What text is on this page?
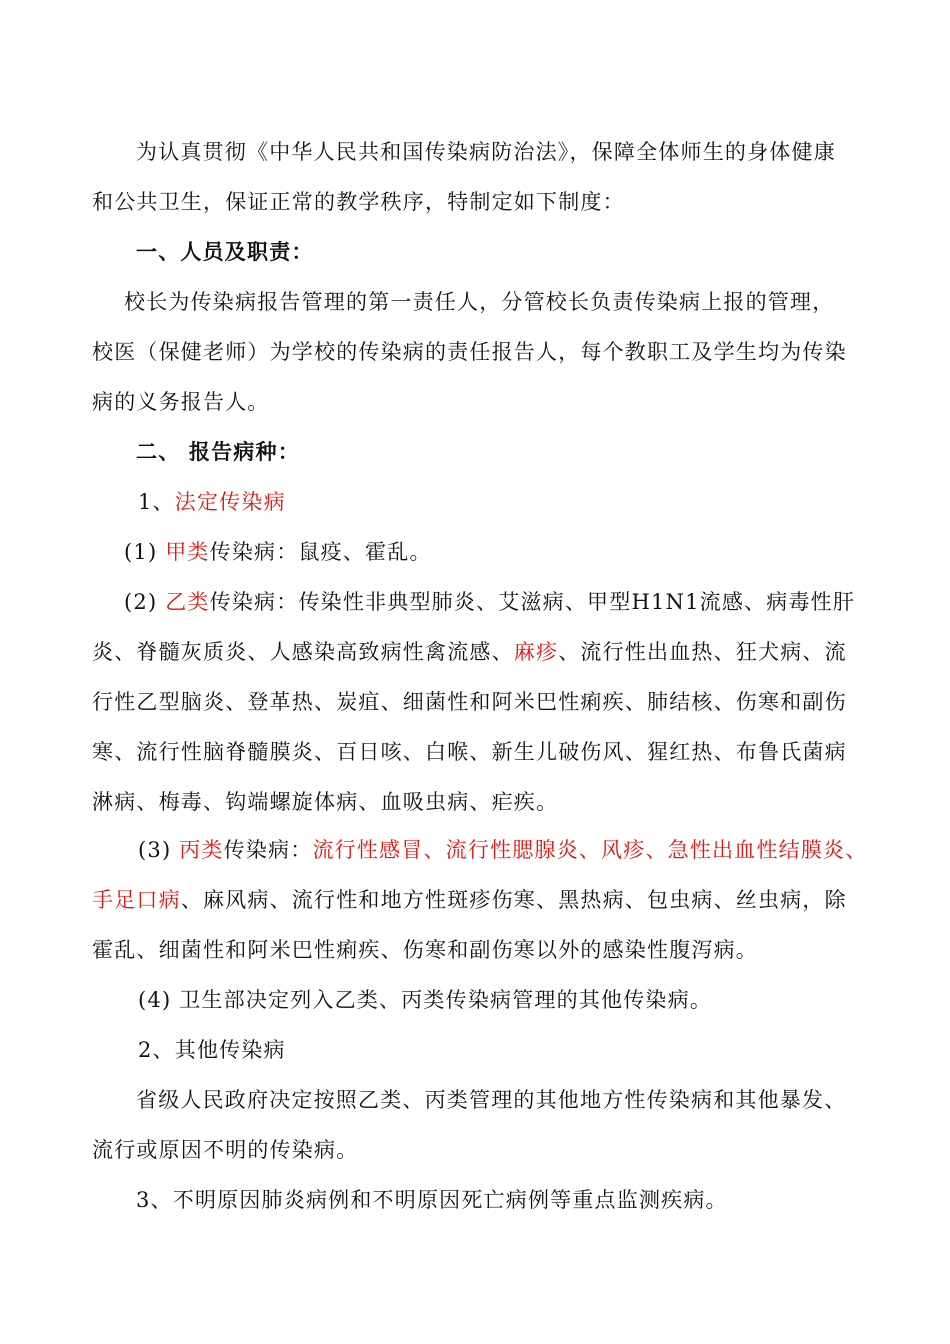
为认真贯彻《中华人民共和国传染病防治法》，保障全体师生的身体健康
和公共卫生，保证正常的教学秩序，特制定如下制度：
一、人员及职责：
校长为传染病报告管理的第一责任人，分管校长负责传染病上报的管理，
校医（保健老师）为学校的传染病的责任报告人，每个教职工及学生均为传染
病的义务报告人。
二、 报告病种：
1、法定传染病
(1) 甲类传染病：鼠疫、霍乱。
(2) 乙类传染病：传染性非典型肺炎、艾滋病、甲型H1N1流感、病毒性肝
炎、脊髓灰质炎、人感染高致病性禽流感、麻疹、流行性出血热、狂犬病、流
行性乙型脑炎、登革热、炭疽、细菌性和阿米巴性痢疾、肺结核、伤寒和副伤
寒、流行性脑脊髓膜炎、百日咳、白喉、新生儿破伤风、猩红热、布鲁氏菌病
淋病、梅毒、钩端螺旋体病、血吸虫病、疟疾。
(3) 丙类传染病：流行性感冒、流行性腮腺炎、风疹、急性出血性结膜炎、
手足口病、麻风病、流行性和地方性斑疹伤寒、黑热病、包虫病、丝虫病，除
霍乱、细菌性和阿米巴性痢疾、伤寒和副伤寒以外的感染性腹泻病。
(4) 卫生部决定列入乙类、丙类传染病管理的其他传染病。
2、其他传染病
省级人民政府决定按照乙类、丙类管理的其他地方性传染病和其他暴发、
流行或原因不明的传染病。
3、不明原因肺炎病例和不明原因死亡病例等重点监测疾病。
